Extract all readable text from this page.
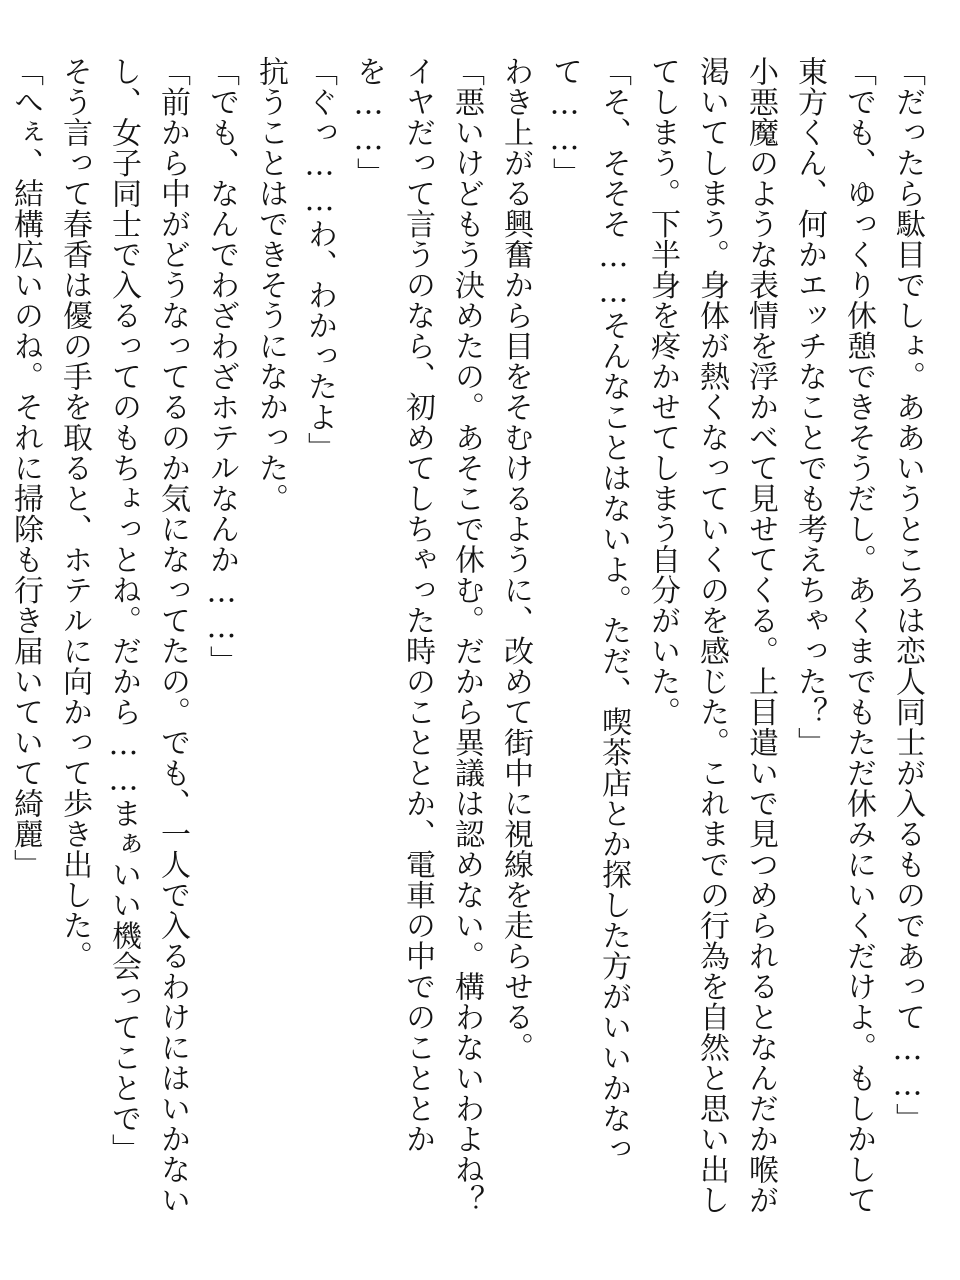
「だったら駄目でしょ。ああいうところは恋人同士が入るものであって……」

「でも、ゆっくり休憩できそうだし。あくまでもただ休みにいくだけよ。もしかして東方くん、何かエッチなことでも考えちゃった？」

小悪魔のような表情を浮かべて見せてくる。上目遣いで見つめられるとなんだか喉が渇いてしまう。身体が熱くなっていくのを感じた。これまでの行為を自然と思い出してしまう。下半身を疼かせてしまう自分がいた。

「そ、そそそ……そんなことはないよ。ただ、喫茶店とか探した方がいいかなって……」

わき上がる興奮から目をそむけるように、改めて街中に視線を走らせる。

「悪いけどもう決めたの。あそこで休む。だから異議は認めない。構わないわよね？イヤだって言うのなら、初めてしちゃった時のこととか、電車の中でのこととかを……」

「ぐっ……わ、わかったよ」

抗うことはできそうになかった。

「でも、なんでわざわざホテルなんか……」

「前から中がどうなってるのか気になってたの。でも、一人で入るわけにはいかないし、女子同士で入るってのもちょっとね。だから……まぁいい機会ってことで」

そう言って春香は優の手を取ると、ホテルに向かって歩き出した。

「へぇ、結構広いのね。それに掃除も行き届いていて綺麗」
